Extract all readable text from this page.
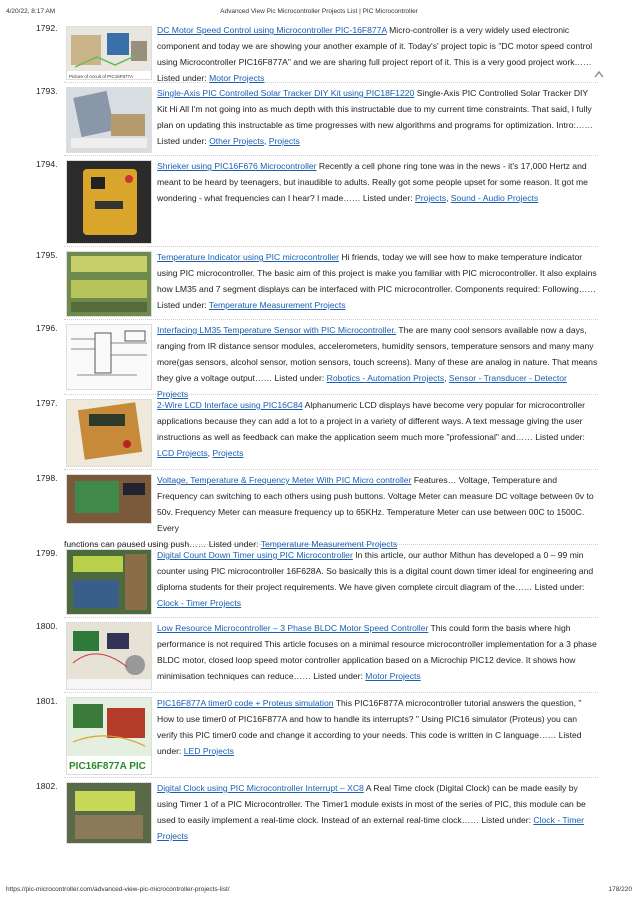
4/20/22, 8:17 AM	Advanced View Pic Microcontroller Projects List | PIC Microcontroller
1792.
Picture of circuit of PIC16F877A
DC Motor Speed Control using Microcontroller PIC-16F877A Micro-controller is a very widely used electronic component and today we are showing your another example of it. Today's' project topic is "DC motor speed control using Microcontroller PIC16F877A" and we are sharing full project report of it. This is a very good project work…… Listed under: Motor Projects
1793.	Single-Axis PIC Controlled Solar Tracker DIY Kit using PIC18F1220 Single-Axis PIC Controlled Solar Tracker DIY Kit Hi All I'm not going into as much depth with this instructable due to my current time constraints. That said, I fully plan on updating this instructable as time progresses with new algorithms and programs for optimization. Intro:…… Listed under: Other Projects, Projects
1794.	Shrieker using PIC16F676 Microcontroller Recently a cell phone ring tone was in the news - it's 17,000 Hertz and meant to be heard by teenagers, but inaudible to adults. Really got some people upset for some reason. It got me wondering - what frequencies can I hear? I made…… Listed under: Projects, Sound - Audio Projects
1795.	Temperature Indicator using PIC microcontroller Hi friends, today we will see how to make temperature indicator using PIC microcontroller. The basic aim of this project is make you familiar with PIC microcontroller. It also explains how LM35 and 7 segment displays can be interfaced with PIC microcontroller. Components required: Following…… Listed under: Temperature Measurement Projects
1796.	Interfacing LM35 Temperature Sensor with PIC Microcontroller. The are many cool sensors available now a days, ranging from IR distance sensor modules, accelerometers, humidity sensors, temperature sensors and many many more(gas sensors, alcohol sensor, motion sensors, touch screens). Many of these are analog in nature. That means they give a voltage output…… Listed under: Robotics - Automation Projects, Sensor - Transducer - Detector Projects
1797.	2-Wire LCD Interface using PIC16C84 Alphanumeric LCD displays have become very popular for microcontroller applications because they can add a lot to a project in a variety of different ways. A text message giving the user instructions as well as feedback can make the application seem much more "professional" and…… Listed under: LCD Projects, Projects
1798.	Voltage, Temperature & Frequency Meter With PIC Micro controller Features… Voltage, Temperature and Frequency can switching to each others using push buttons. Voltage Meter can measure DC voltage between 0v to 50v. Frequency Meter can measure frequency up to 65KHz. Temperature Meter can use between 00C to 1500C. Every
functions can paused using push…… Listed under: Temperature Measurement Projects
1799.	Digital Count Down Timer using PIC Microcontroller In this article, our author Mithun has developed a 0 – 99 min counter using PIC microcontroller 16F628A. So basically this is a digital count down timer ideal for engineering and diploma students for their project requirements. We have given complete circuit diagram of the…… Listed under: Clock - Timer Projects
1800.	Low Resource Microcontroller – 3 Phase BLDC Motor Speed Controller This could form the basis where high performance is not required This article focuses on a minimal resource microcontroller implementation for a 3 phase BLDC motor, closed loop speed motor controller application based on a Microchip PIC12 device. It shows how minimisation techniques can reduce…… Listed under: Motor Projects
1801.
PIC16F877A PIC
PIC16F877A timer0 code + Proteus simulation This PIC16F877A microcontroller tutorial answers the question, " How to use timer0 of PIC16F877A and how to handle its interrupts? " Using PIC16 simulator (Proteus) you can verify this PIC timer0 code and change it according to your needs. This code is written in C language…… Listed under: LED Projects
1802.	Digital Clock using PIC Microcontroller Interrupt – XC8 A Real Time clock (Digital Clock) can be made easily by using Timer 1 of a PIC Microcontroller. The Timer1 module exists in most of the series of PIC, this module can be used to easily implement a real-time clock. Instead of an external real-time clock…… Listed under: Clock - Timer Projects
https://pic-microcontroller.com/advanced-view-pic-microcontroller-projects-list/	178/220
